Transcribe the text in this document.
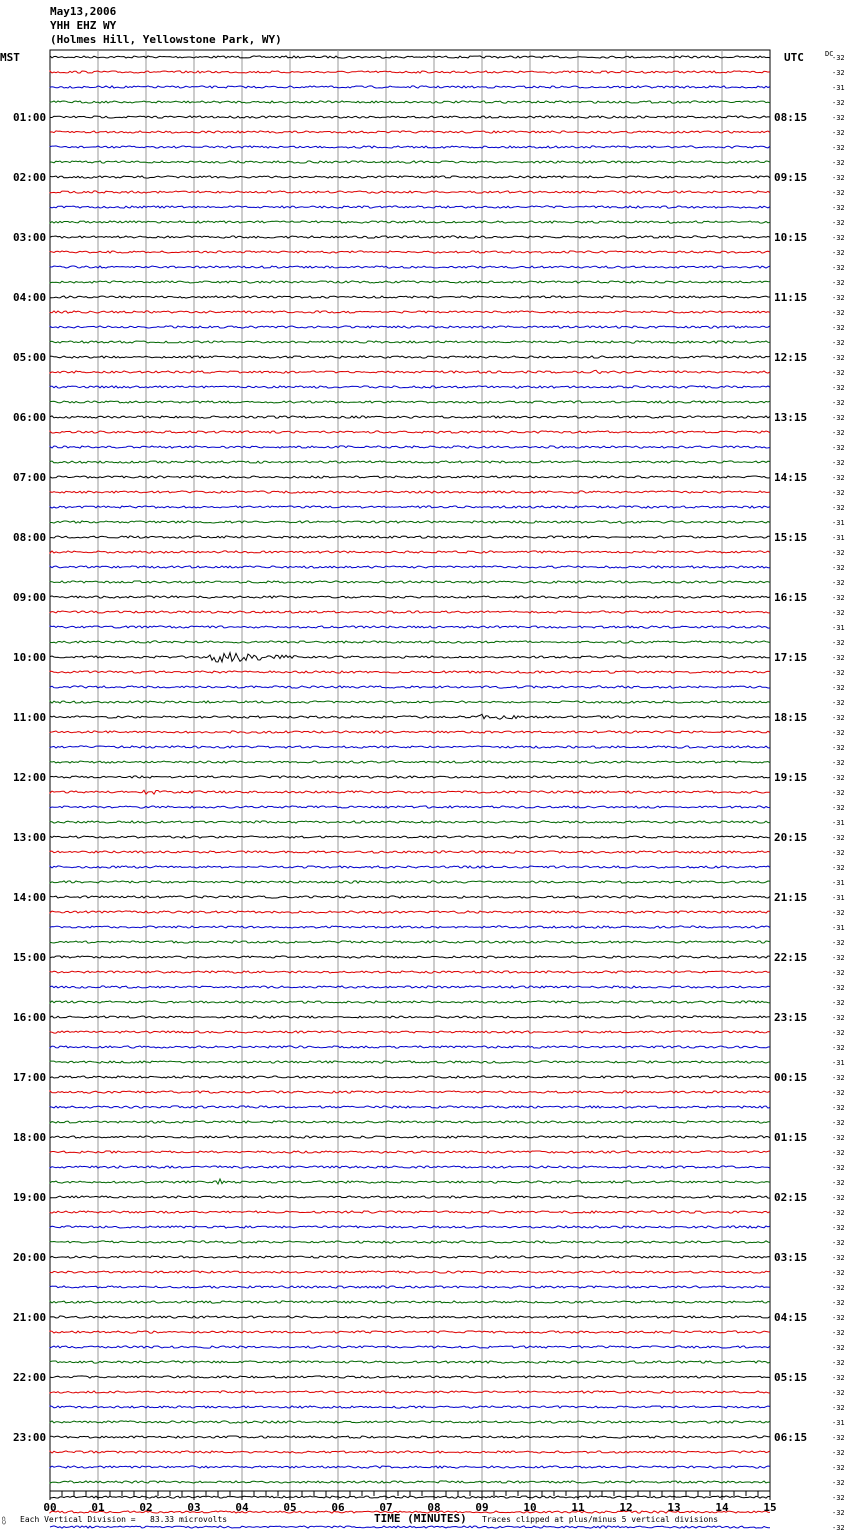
May13,2006
YHH EHZ WY
(Holmes Hill, Yellowstone Park, WY)
MST	UTC	DC
-32
-32
-31
-32
-32
-32
-32
-32
-32
-32
-32
-32
-32
-32
-32
-32
-32
-32
-32
-32
-32
-32
-32
-32
-32
-32
-32
-32
-32
-32
-32
-31
-31
-32
-32
-32
-32
-32
-31
-32
-32
-32
-32
-32
-32
-32
-32
-32
-32
-32
-32
-31
-32
-32
-32
-31
-31
-32
-31
-32
-32
-32
-32
-32
-32
-32
-32
-31
-32
-32
-32
-32
-32
-32
-32
-32
-32
-32
-32
-32
-32
-32
-32
-32
-32
-32
-32
-32
-32
-32
-32
-31
-32
-32
-32
-32
-32
-32
-32
01:00
02:00
03:00
04:00
05:00
06:00
07:00
08:00
09:00
10:00
11:00
12:00
13:00
14:00
15:00
16:00
17:00
18:00
19:00
20:00
21:00
22:00
23:00
08:15
09:15
10:15
11:15
12:15
13:15
14:15
15:15
16:15
17:15
18:15
19:15
20:15
21:15
22:15
23:15
00:15
01:15
02:15
03:15
04:15
05:15
06:15
00	01	02	03	04	05	06	07	08	09	10	11	12	13	14	15
⩉ Each Vertical Division =   83.33 microvolts	TIME (MINUTES) Traces clipped at plus/minus 5 vertical divisions
